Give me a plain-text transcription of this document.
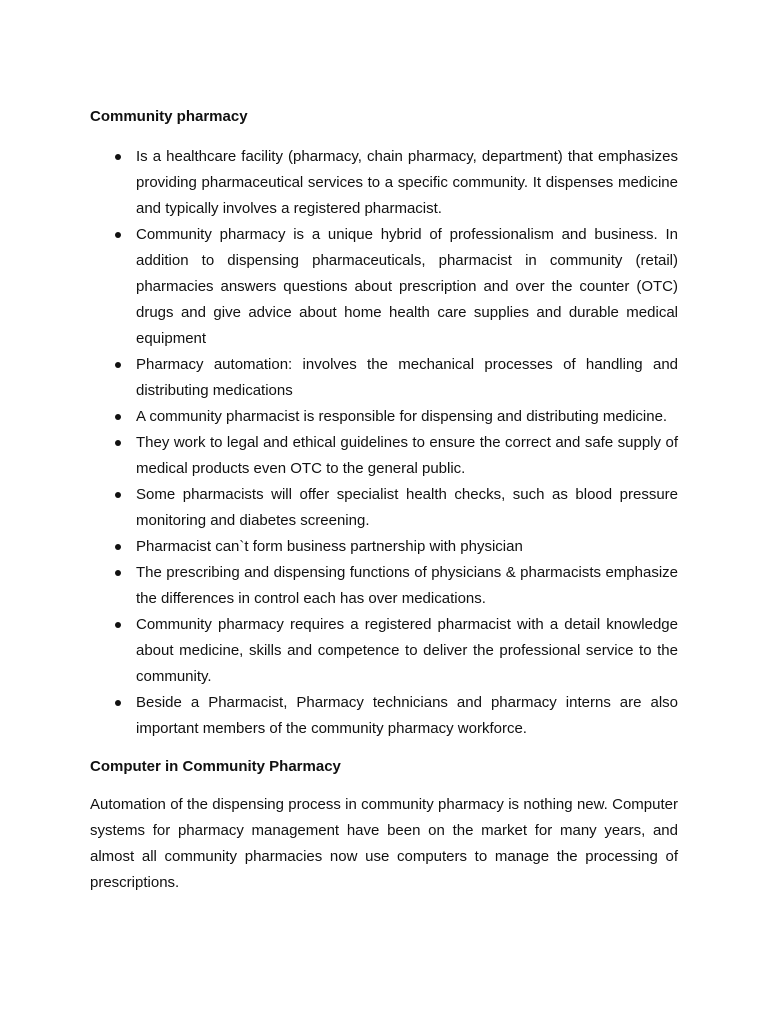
Community pharmacy
Is a healthcare facility (pharmacy, chain pharmacy, department) that emphasizes providing pharmaceutical services to a specific community. It dispenses medicine and typically involves a registered pharmacist.
Community pharmacy is a unique hybrid of professionalism and business. In addition to dispensing pharmaceuticals, pharmacist in community (retail) pharmacies answers questions about prescription and over the counter (OTC) drugs and give advice about home health care supplies and durable medical equipment
Pharmacy automation: involves the mechanical processes of handling and distributing medications
A community pharmacist is responsible for dispensing and distributing medicine.
They work to legal and ethical guidelines to ensure the correct and safe supply of medical products even OTC to the general public.
Some pharmacists will offer specialist health checks, such as blood pressure monitoring and diabetes screening.
Pharmacist can`t form business partnership with physician
The prescribing and dispensing functions of physicians & pharmacists emphasize the differences in control each has over medications.
Community pharmacy requires a registered pharmacist with a detail knowledge about medicine, skills and competence to deliver the professional service to the community.
Beside a Pharmacist, Pharmacy technicians and pharmacy interns are also important members of the community pharmacy workforce.
Computer in Community Pharmacy

Automation of the dispensing process in community pharmacy is nothing new. Computer systems for pharmacy management have been on the market for many years, and almost all community pharmacies now use computers to manage the processing of prescriptions.
